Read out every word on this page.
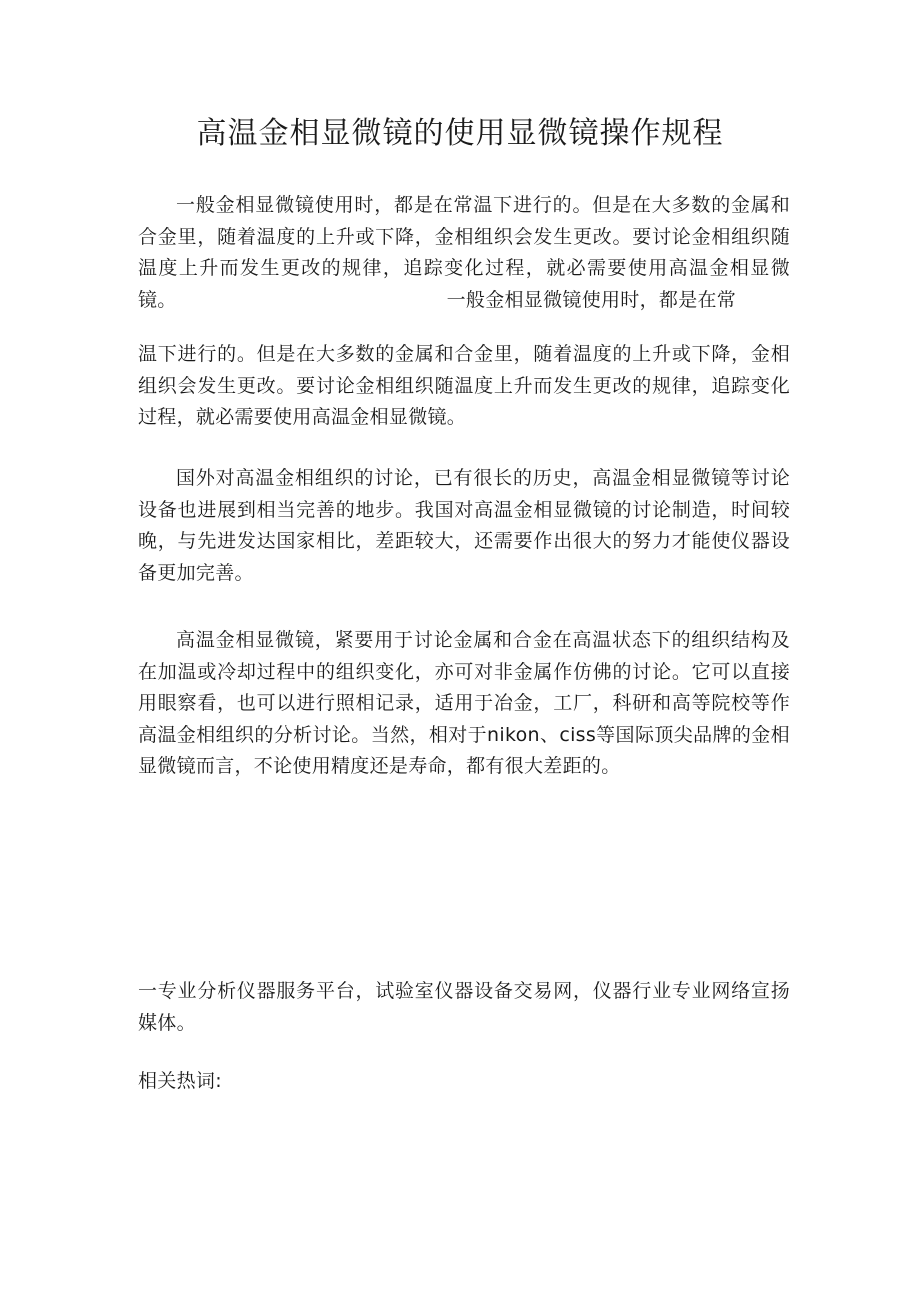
高温金相显微镜的使用显微镜操作规程

一般金相显微镜使用时，都是在常温下进行的。但是在大多数的金属和合金里，随着温度的上升或下降，金相组织会发生更改。要讨论金相组织随温度上升而发生更改的规律，追踪变化过程，就必需要使用高温金相显微镜。	一般金相显微镜使用时，都是在常

温下进行的。但是在大多数的金属和合金里，随着温度的上升或下降，金相组织会发生更改。要讨论金相组织随温度上升而发生更改的规律，追踪变化过程，就必需要使用高温金相显微镜。

国外对高温金相组织的讨论，已有很长的历史，高温金相显微镜等讨论设备也进展到相当完善的地步。我国对高温金相显微镜的讨论制造，时间较晚，与先进发达国家相比，差距较大，还需要作出很大的努力才能使仪器设备更加完善。

高温金相显微镜，紧要用于讨论金属和合金在高温状态下的组织结构及在加温或冷却过程中的组织变化，亦可对非金属作仿佛的讨论。它可以直接用眼察看，也可以进行照相记录，适用于冶金，工厂，科研和高等院校等作高温金相组织的分析讨论。当然，相对于nikon、ciss等国际顶尖品牌的金相显微镜而言，不论使用精度还是寿命，都有很大差距的。

一专业分析仪器服务平台，试验室仪器设备交易网，仪器行业专业网络宣扬媒体。

相关热词:
